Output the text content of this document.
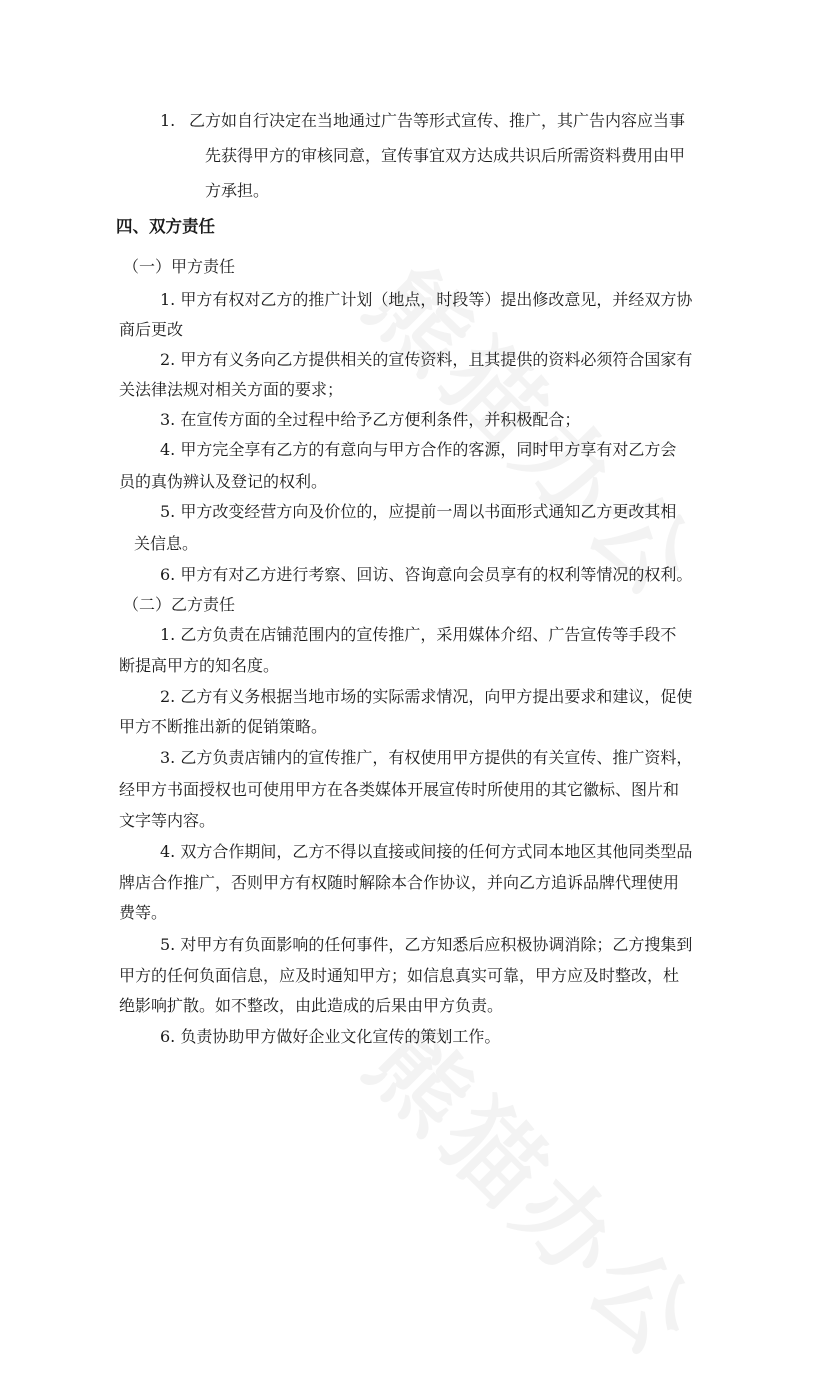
1. 乙方如自行决定在当地通过广告等形式宣传、推广，其广告内容应当事
先获得甲方的审核同意，宣传事宜双方达成共识后所需资料费用由甲
方承担。
四、双方责任
（一）甲方责任
1. 甲方有权对乙方的推广计划（地点，时段等）提出修改意见，并经双方协
商后更改
2. 甲方有义务向乙方提供相关的宣传资料，且其提供的资料必须符合国家有
关法律法规对相关方面的要求；
3. 在宣传方面的全过程中给予乙方便利条件，并积极配合；
4. 甲方完全享有乙方的有意向与甲方合作的客源，同时甲方享有对乙方会
员的真伪辨认及登记的权利。
5. 甲方改变经营方向及价位的，应提前一周以书面形式通知乙方更改其相
关信息。
6. 甲方有对乙方进行考察、回访、咨询意向会员享有的权利等情况的权利。
（二）乙方责任
1. 乙方负责在店铺范围内的宣传推广，采用媒体介绍、广告宣传等手段不
断提高甲方的知名度。
2. 乙方有义务根据当地市场的实际需求情况，向甲方提出要求和建议，促使
甲方不断推出新的促销策略。
3. 乙方负责店铺内的宣传推广，有权使用甲方提供的有关宣传、推广资料，
经甲方书面授权也可使用甲方在各类媒体开展宣传时所使用的其它徽标、图片和
文字等内容。
4. 双方合作期间，乙方不得以直接或间接的任何方式同本地区其他同类型品
牌店合作推广，否则甲方有权随时解除本合作协议，并向乙方追诉品牌代理使用
费等。
5. 对甲方有负面影响的任何事件，乙方知悉后应积极协调消除；乙方搜集到
甲方的任何负面信息，应及时通知甲方；如信息真实可靠，甲方应及时整改，杜
绝影响扩散。如不整改，由此造成的后果由甲方负责。
6. 负责协助甲方做好企业文化宣传的策划工作。
